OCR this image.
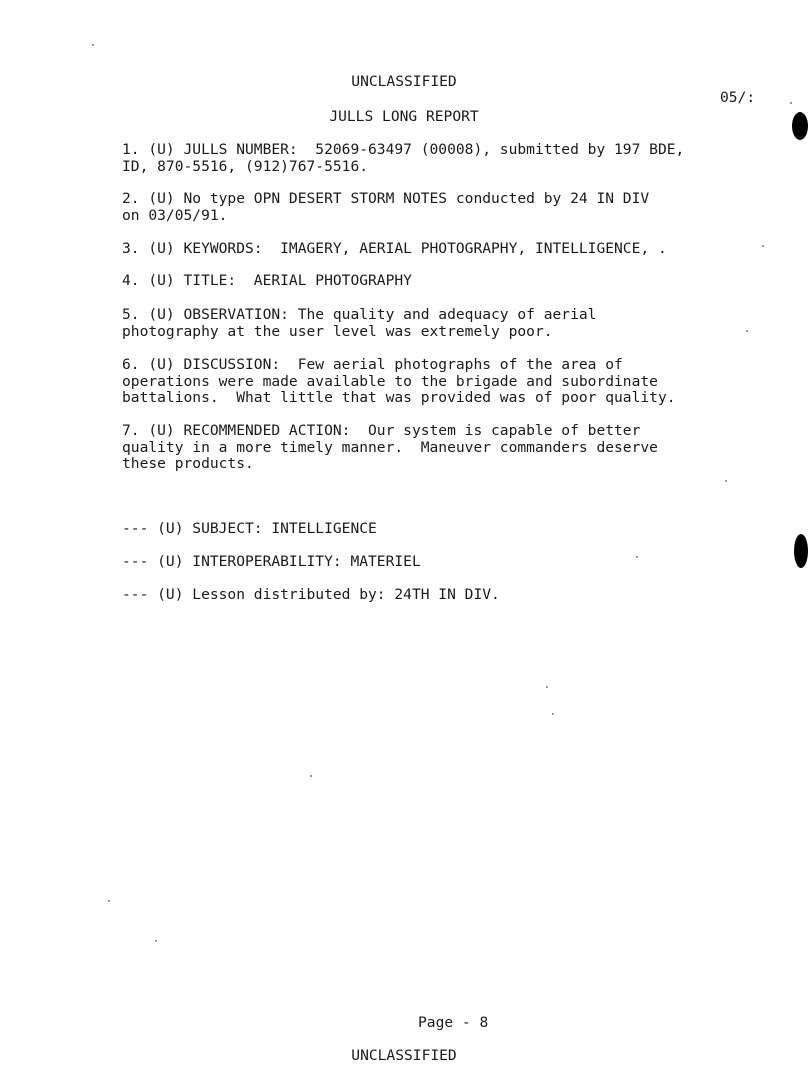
UNCLASSIFIED
05/:
JULLS LONG REPORT
1. (U) JULLS NUMBER:  52069-63497 (00008), submitted by 197 BDE,
ID, 870-5516, (912)767-5516.
2. (U) No type OPN DESERT STORM NOTES conducted by 24 IN DIV
on 03/05/91.
3. (U) KEYWORDS:  IMAGERY, AERIAL PHOTOGRAPHY, INTELLIGENCE, .
4. (U) TITLE:  AERIAL PHOTOGRAPHY
5. (U) OBSERVATION: The quality and adequacy of aerial
photography at the user level was extremely poor.
6. (U) DISCUSSION:  Few aerial photographs of the area of
operations were made available to the brigade and subordinate
battalions.  What little that was provided was of poor quality.
7. (U) RECOMMENDED ACTION:  Our system is capable of better
quality in a more timely manner.  Maneuver commanders deserve
these products.
--- (U) SUBJECT: INTELLIGENCE
--- (U) INTEROPERABILITY: MATERIEL
--- (U) Lesson distributed by: 24TH IN DIV.
Page - 8
UNCLASSIFIED
